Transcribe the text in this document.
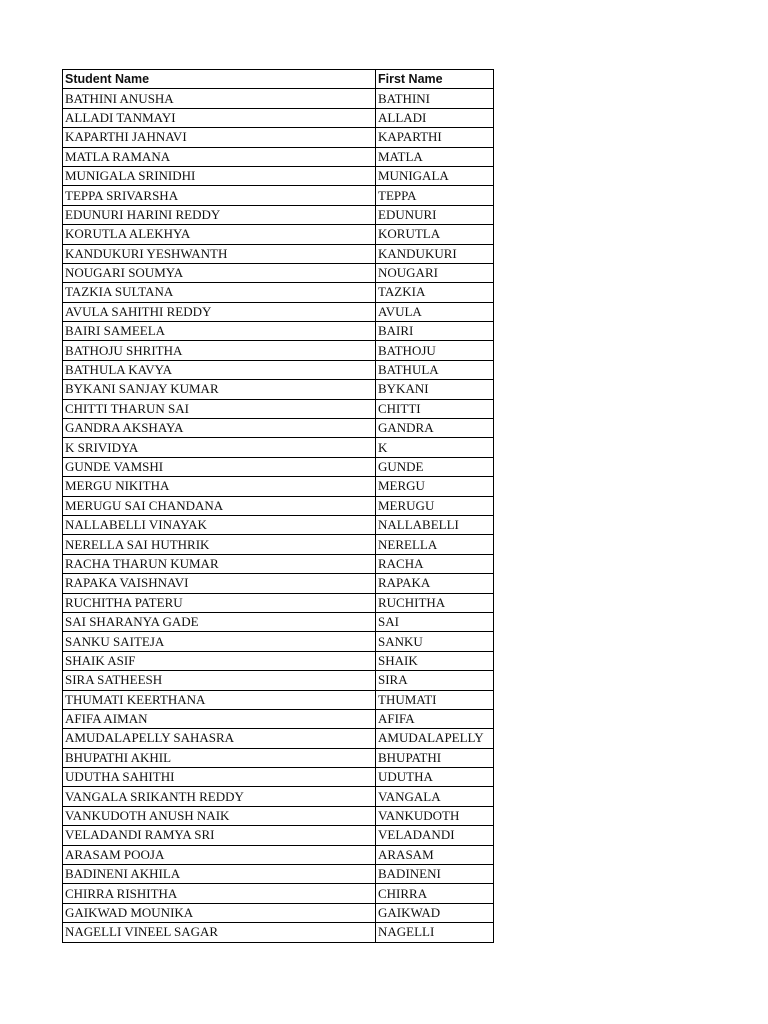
Student Name	First Name
BATHINI ANUSHA	BATHINI
ALLADI TANMAYI	ALLADI
KAPARTHI JAHNAVI	KAPARTHI
MATLA RAMANA	MATLA
MUNIGALA SRINIDHI	MUNIGALA
TEPPA SRIVARSHA	TEPPA
EDUNURI HARINI REDDY	EDUNURI
KORUTLA ALEKHYA	KORUTLA
KANDUKURI YESHWANTH	KANDUKURI
NOUGARI SOUMYA	NOUGARI
TAZKIA SULTANA	TAZKIA
AVULA SAHITHI REDDY	AVULA
BAIRI SAMEELA	BAIRI
BATHOJU SHRITHA	BATHOJU
BATHULA KAVYA	BATHULA
BYKANI SANJAY KUMAR	BYKANI
CHITTI THARUN SAI	CHITTI
GANDRA AKSHAYA	GANDRA
K SRIVIDYA	K
GUNDE VAMSHI	GUNDE
MERGU NIKITHA	MERGU
MERUGU SAI CHANDANA	MERUGU
NALLABELLI VINAYAK	NALLABELLI
NERELLA SAI HUTHRIK	NERELLA
RACHA THARUN KUMAR	RACHA
RAPAKA VAISHNAVI	RAPAKA
RUCHITHA PATERU	RUCHITHA
SAI SHARANYA GADE	SAI
SANKU SAITEJA	SANKU
SHAIK ASIF	SHAIK
SIRA SATHEESH	SIRA
THUMATI KEERTHANA	THUMATI
AFIFA AIMAN	AFIFA
AMUDALAPELLY SAHASRA	AMUDALAPELLY
BHUPATHI AKHIL	BHUPATHI
UDUTHA SAHITHI	UDUTHA
VANGALA SRIKANTH REDDY	VANGALA
VANKUDOTH ANUSH NAIK	VANKUDOTH
VELADANDI RAMYA SRI	VELADANDI
ARASAM POOJA	ARASAM
BADINENI AKHILA	BADINENI
CHIRRA RISHITHA	CHIRRA
GAIKWAD MOUNIKA	GAIKWAD
NAGELLI VINEEL SAGAR	NAGELLI
